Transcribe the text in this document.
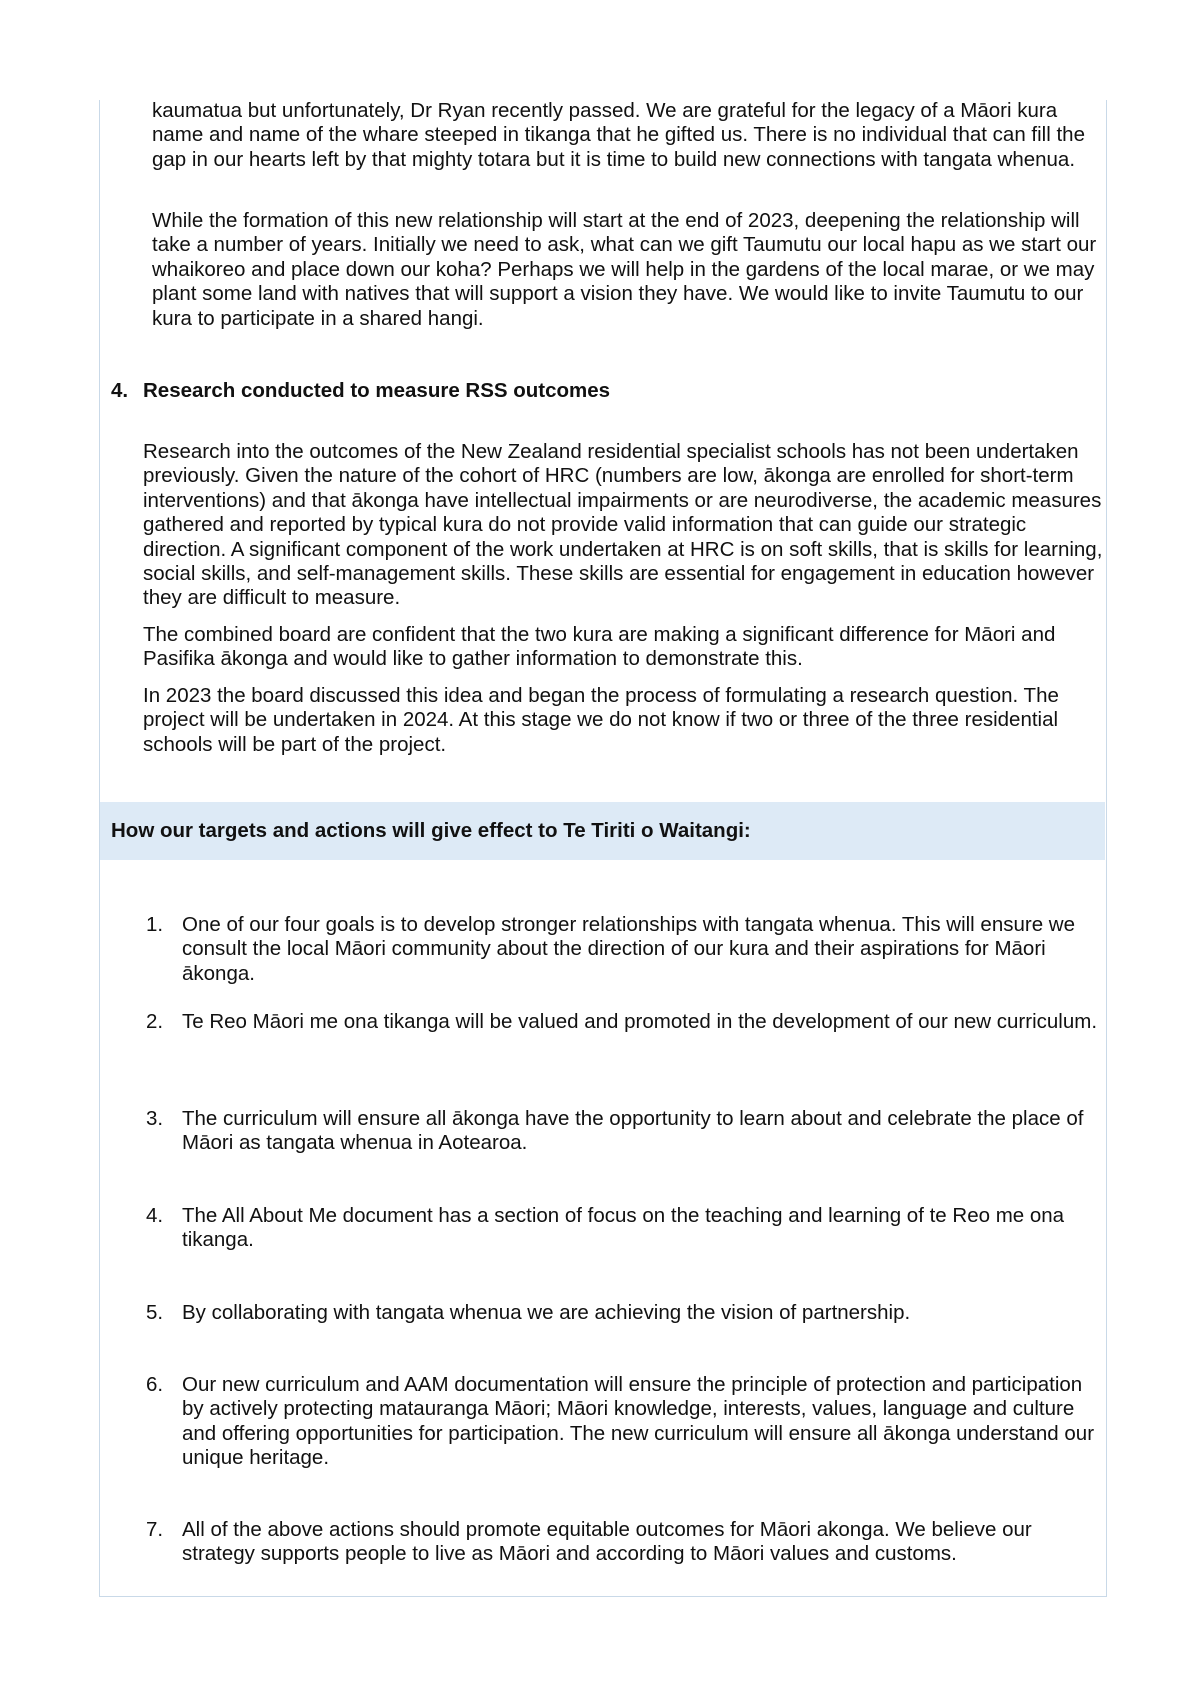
kaumatua but unfortunately, Dr Ryan recently passed. We are grateful for the legacy of a Māori kura name and name of the whare steeped in tikanga that he gifted us. There is no individual that can fill the gap in our hearts left by that mighty totara but it is time to build new connections with tangata whenua.

While the formation of this new relationship will start at the end of 2023, deepening the relationship will take a number of years. Initially we need to ask, what can we gift Taumutu our local hapu as we start our whaikoreo and place down our koha? Perhaps we will help in the gardens of the local marae, or we may plant some land with natives that will support a vision they have. We would like to invite Taumutu to our kura to participate in a shared hangi.

4. Research conducted to measure RSS outcomes

Research into the outcomes of the New Zealand residential specialist schools has not been undertaken previously. Given the nature of the cohort of HRC (numbers are low, ākonga are enrolled for short-term interventions) and that ākonga have intellectual impairments or are neurodiverse, the academic measures gathered and reported by typical kura do not provide valid information that can guide our strategic direction. A significant component of the work undertaken at HRC is on soft skills, that is skills for learning, social skills, and self-management skills. These skills are essential for engagement in education however they are difficult to measure.

The combined board are confident that the two kura are making a significant difference for Māori and Pasifika ākonga and would like to gather information to demonstrate this.

In 2023 the board discussed this idea and began the process of formulating a research question. The project will be undertaken in 2024. At this stage we do not know if two or three of the three residential schools will be part of the project.

How our targets and actions will give effect to Te Tiriti o Waitangi:

1. One of our four goals is to develop stronger relationships with tangata whenua. This will ensure we consult the local Māori community about the direction of our kura and their aspirations for Māori ākonga.

2. Te Reo Māori me ona tikanga will be valued and promoted in the development of our new curriculum.

3. The curriculum will ensure all ākonga have the opportunity to learn about and celebrate the place of Māori as tangata whenua in Aotearoa.

4. The All About Me document has a section of focus on the teaching and learning of te Reo me ona tikanga.

5. By collaborating with tangata whenua we are achieving the vision of partnership.

6. Our new curriculum and AAM documentation will ensure the principle of protection and participation by actively protecting matauranga Māori; Māori knowledge, interests, values, language and culture and offering opportunities for participation. The new curriculum will ensure all ākonga understand our unique heritage.

7. All of the above actions should promote equitable outcomes for Māori akonga. We believe our strategy supports people to live as Māori and according to Māori values and customs.
